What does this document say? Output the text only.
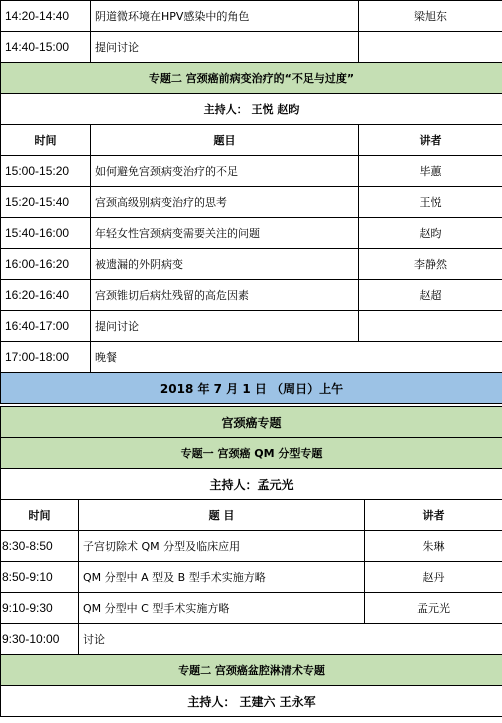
14:20-14:40	阴道微环境在HPV感染中的角色	梁旭东
14:40-15:00	提问讨论	
专题二 宫颈癌前病变治疗的“不足与过度”		
主持人： 王悦 赵昀		
时间	题目	讲者
15:00-15:20	如何避免宫颈病变治疗的不足	毕蕙
15:20-15:40	宫颈高级别病变治疗的思考	王悦
15:40-16:00	年轻女性宫颈病变需要关注的问题	赵昀
16:00-16:20	被遗漏的外阴病变	李静然
16:20-16:40	宫颈锥切后病灶残留的高危因素	赵超
16:40-17:00	提问讨论	
17:00-18:00	晚餐	
2018 年 7 月 1 日 （周日）上午		
宫颈癌专题		
专题一 宫颈癌 QM 分型专题		
主持人：孟元光		
时间	题 目	讲者
8:30-8:50	子宫切除术 QM 分型及临床应用	朱琳
8:50-9:10	QM 分型中 A 型及 B 型手术实施方略	赵丹
9:10-9:30	QM 分型中 C 型手术实施方略	孟元光
9:30-10:00	讨论	
专题二 宫颈癌盆腔淋清术专题		
主持人： 王建六 王永军		
